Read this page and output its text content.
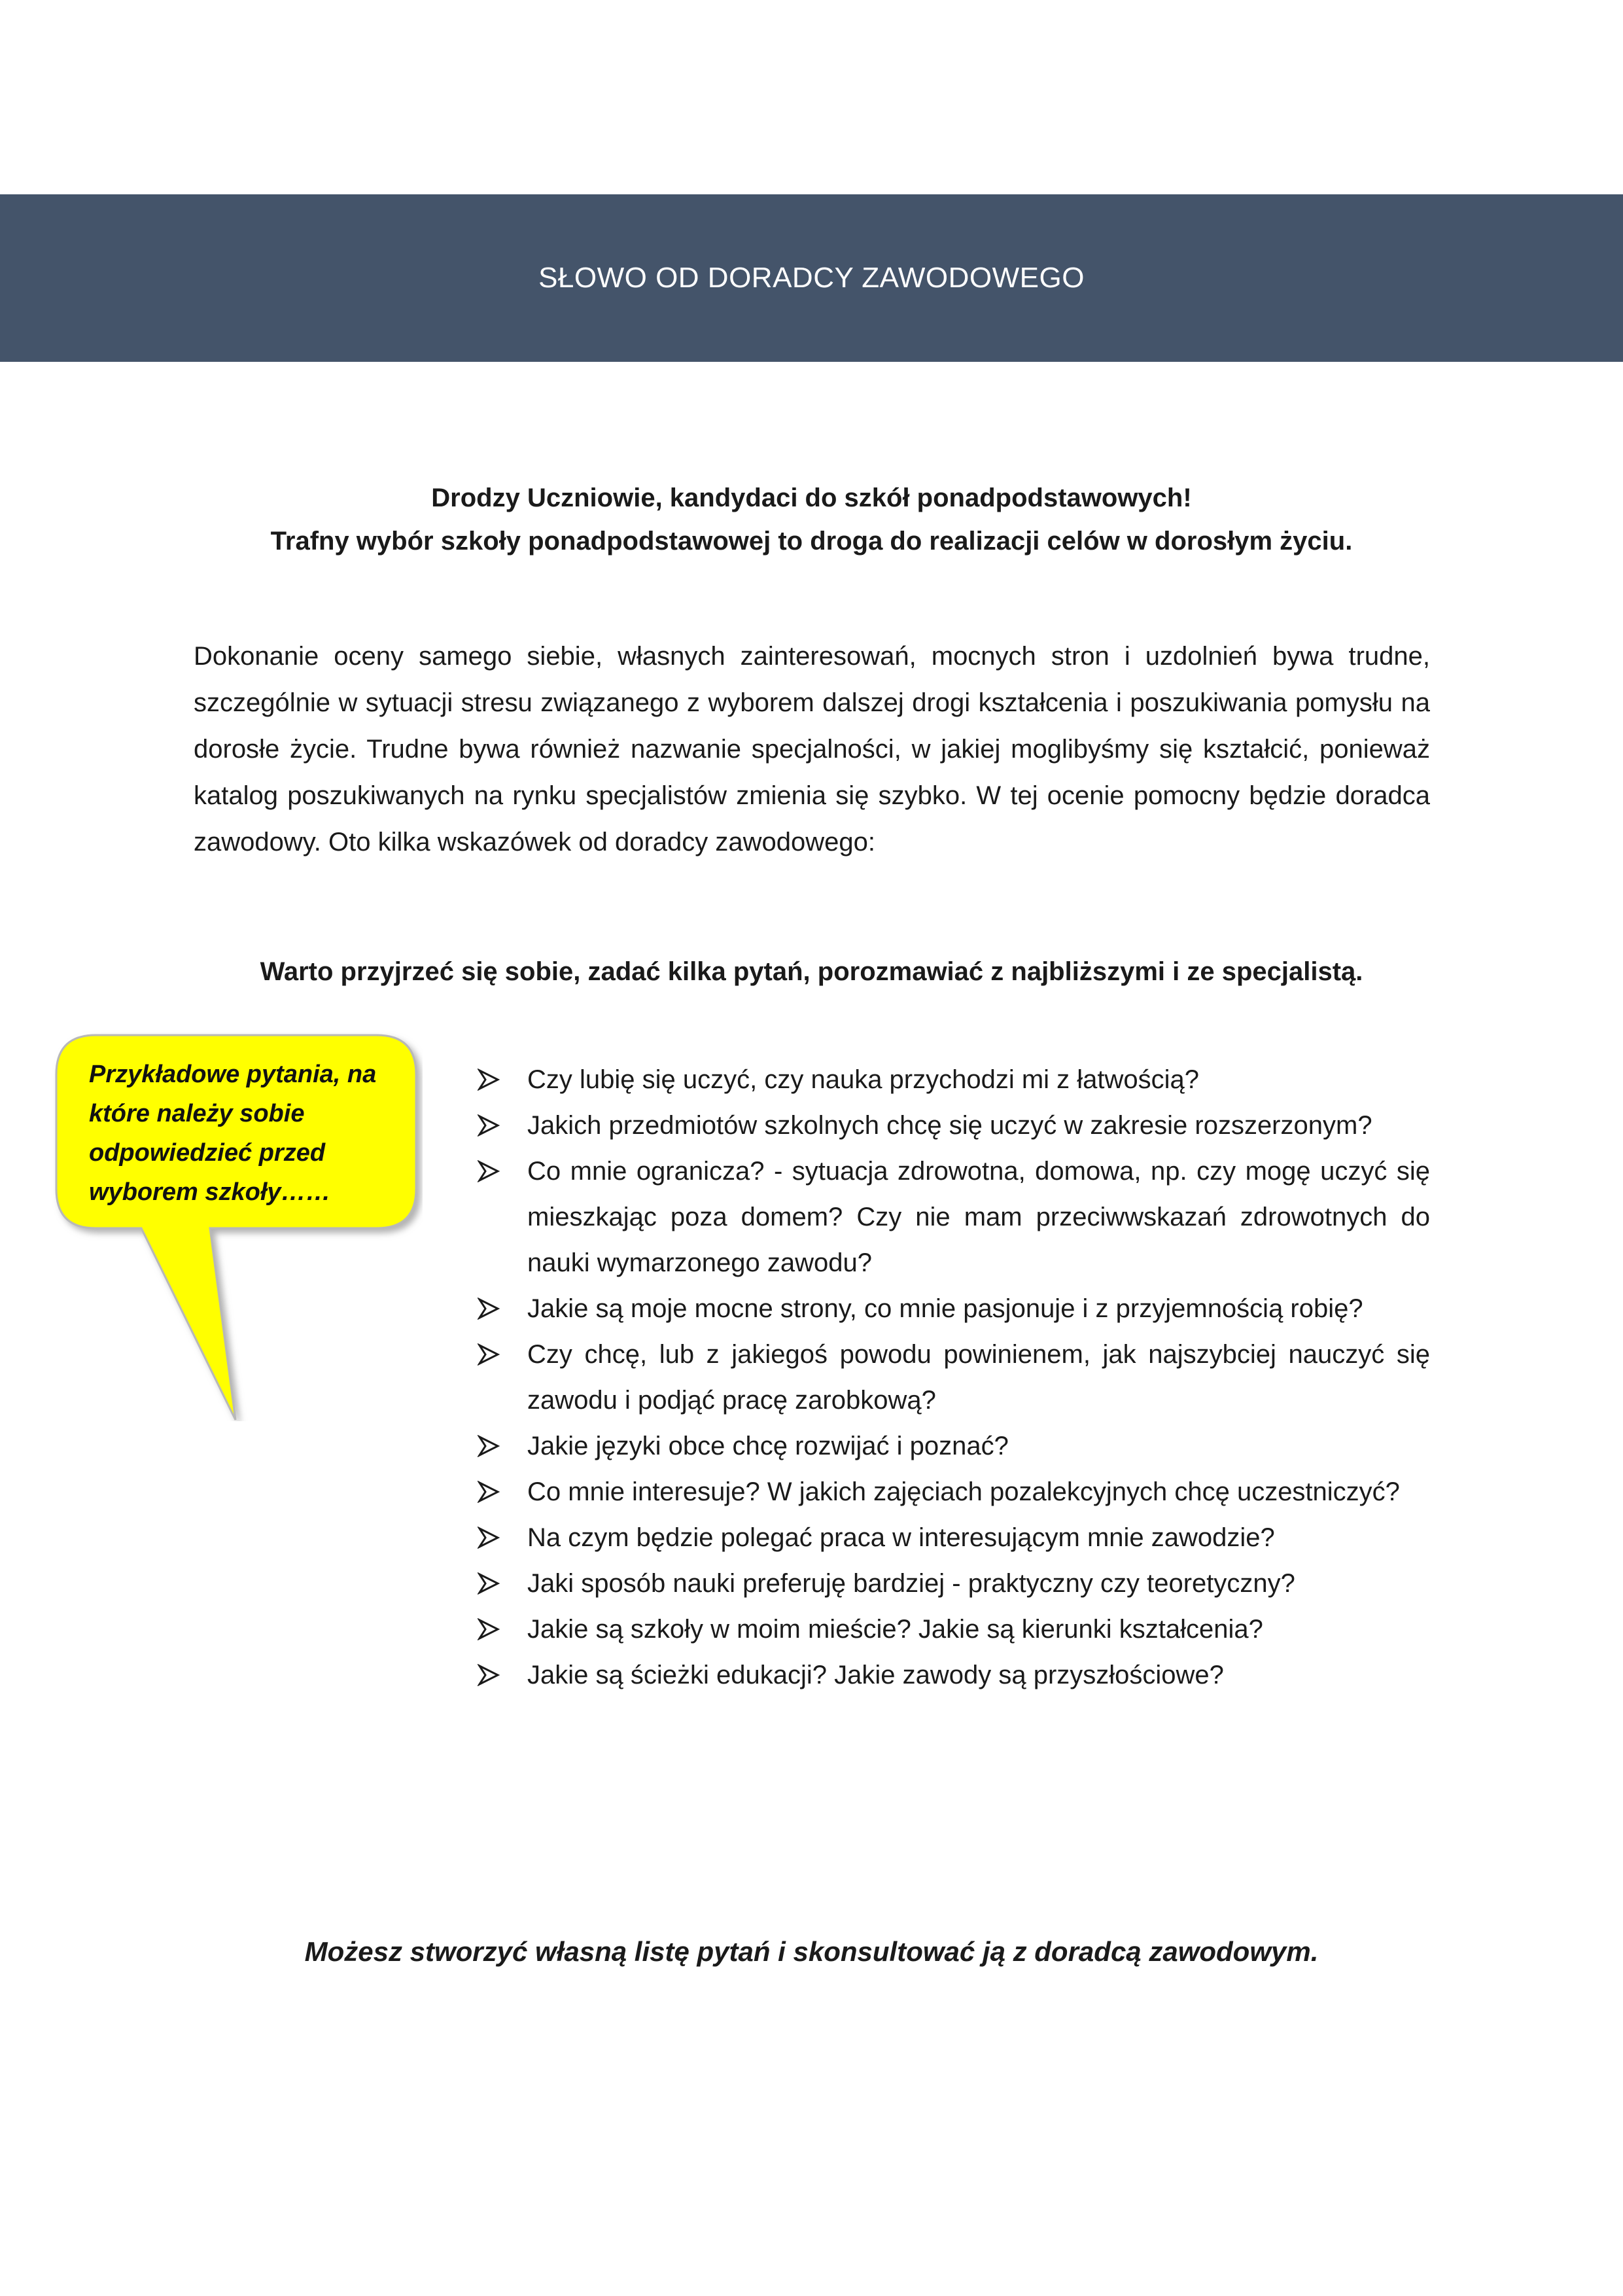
SŁOWO OD DORADCY ZAWODOWEGO
Drodzy Uczniowie, kandydaci do szkół ponadpodstawowych!
Trafny wybór szkoły ponadpodstawowej to droga do realizacji celów w dorosłym życiu.
Dokonanie oceny samego siebie, własnych zainteresowań, mocnych stron i uzdolnień bywa trudne, szczególnie w sytuacji stresu związanego z wyborem dalszej drogi kształcenia i poszukiwania pomysłu na dorosłe życie. Trudne bywa również nazwanie specjalności, w jakiej moglibyśmy się kształcić, ponieważ katalog poszukiwanych na rynku specjalistów zmienia się szybko. W tej ocenie pomocny będzie doradca zawodowy. Oto kilka wskazówek od doradcy zawodowego:
Warto przyjrzeć się sobie, zadać kilka pytań, porozmawiać z najbliższymi i ze specjalistą.
Przykładowe pytania, na które należy sobie odpowiedzieć przed wyborem szkoły……
Czy lubię się uczyć, czy nauka przychodzi mi z łatwością?
Jakich przedmiotów szkolnych chcę się uczyć w zakresie rozszerzonym?
Co mnie ogranicza? - sytuacja zdrowotna, domowa, np. czy mogę uczyć się mieszkając poza domem? Czy nie mam przeciwwskazań zdrowotnych do nauki wymarzonego zawodu?
Jakie są moje mocne strony, co mnie pasjonuje i z przyjemnością robię?
Czy chcę, lub z jakiegoś powodu powinienem, jak najszybciej nauczyć się zawodu i podjąć pracę zarobkową?
Jakie języki obce chcę rozwijać i poznać?
Co mnie interesuje? W jakich zajęciach pozalekcyjnych chcę uczestniczyć?
Na czym będzie polegać praca w interesującym mnie zawodzie?
Jaki sposób nauki preferuję bardziej - praktyczny czy teoretyczny?
Jakie są szkoły w moim mieście? Jakie są kierunki kształcenia?
Jakie są ścieżki edukacji? Jakie zawody są przyszłościowe?
Możesz stworzyć własną listę pytań i skonsultować ją z doradcą zawodowym.
